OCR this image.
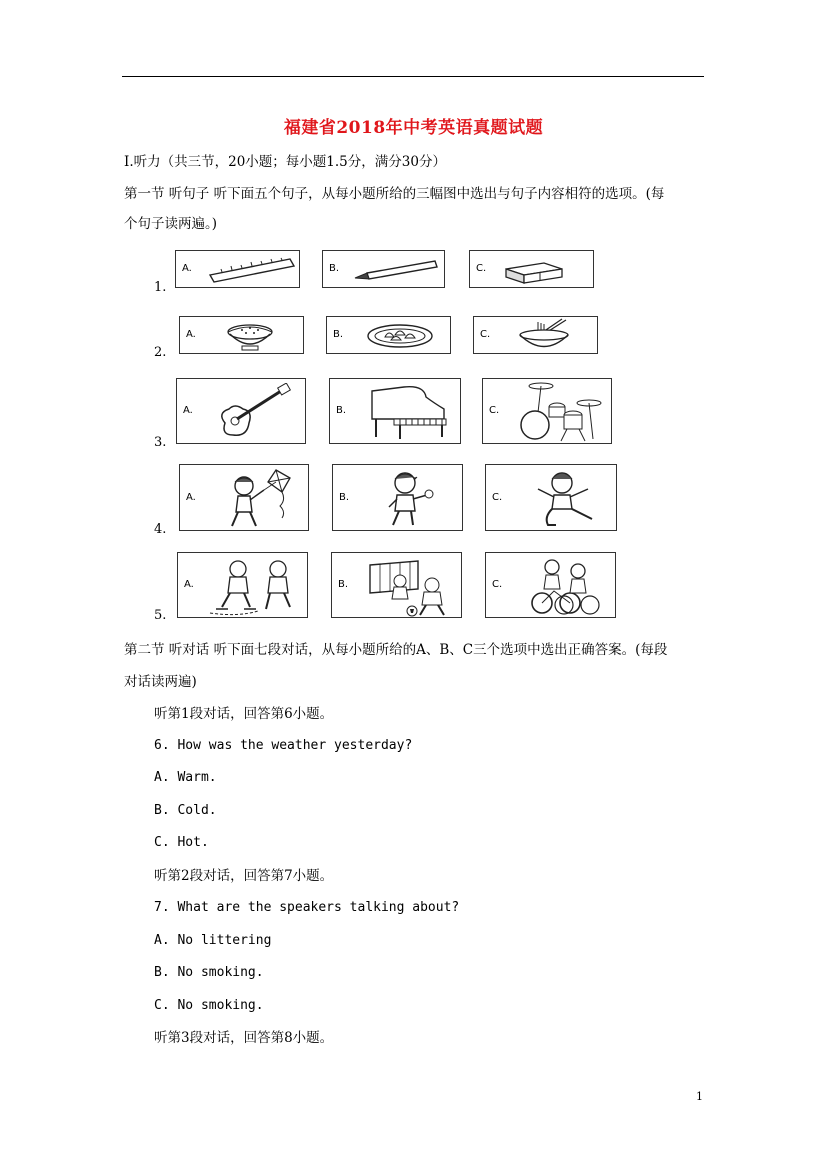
福建省2018年中考英语真题试题
Ⅰ.听力（共三节，20小题；每小题1.5分，满分30分）
第一节 听句子 听下面五个句子，从每小题所给的三幅图中选出与句子内容相符的选项。(每
个句子读两遍。)
1.
A.	B.	C.
2.
A.	B.	C.
3.
A.	B.	C.
4.
A.	B.	C.
5.
A.	B.	C.
第二节 听对话 听下面七段对话，从每小题所给的A、B、C三个选项中选出正确答案。(每段
对话读两遍)
听第1段对话，回答第6小题。
6. How was the weather yesterday?
A. Warm.
B. Cold.
C. Hot.
听第2段对话，回答第7小题。
7. What are the speakers talking about?
A. No littering
B. No smoking.
C. No smoking.
听第3段对话，回答第8小题。
1
